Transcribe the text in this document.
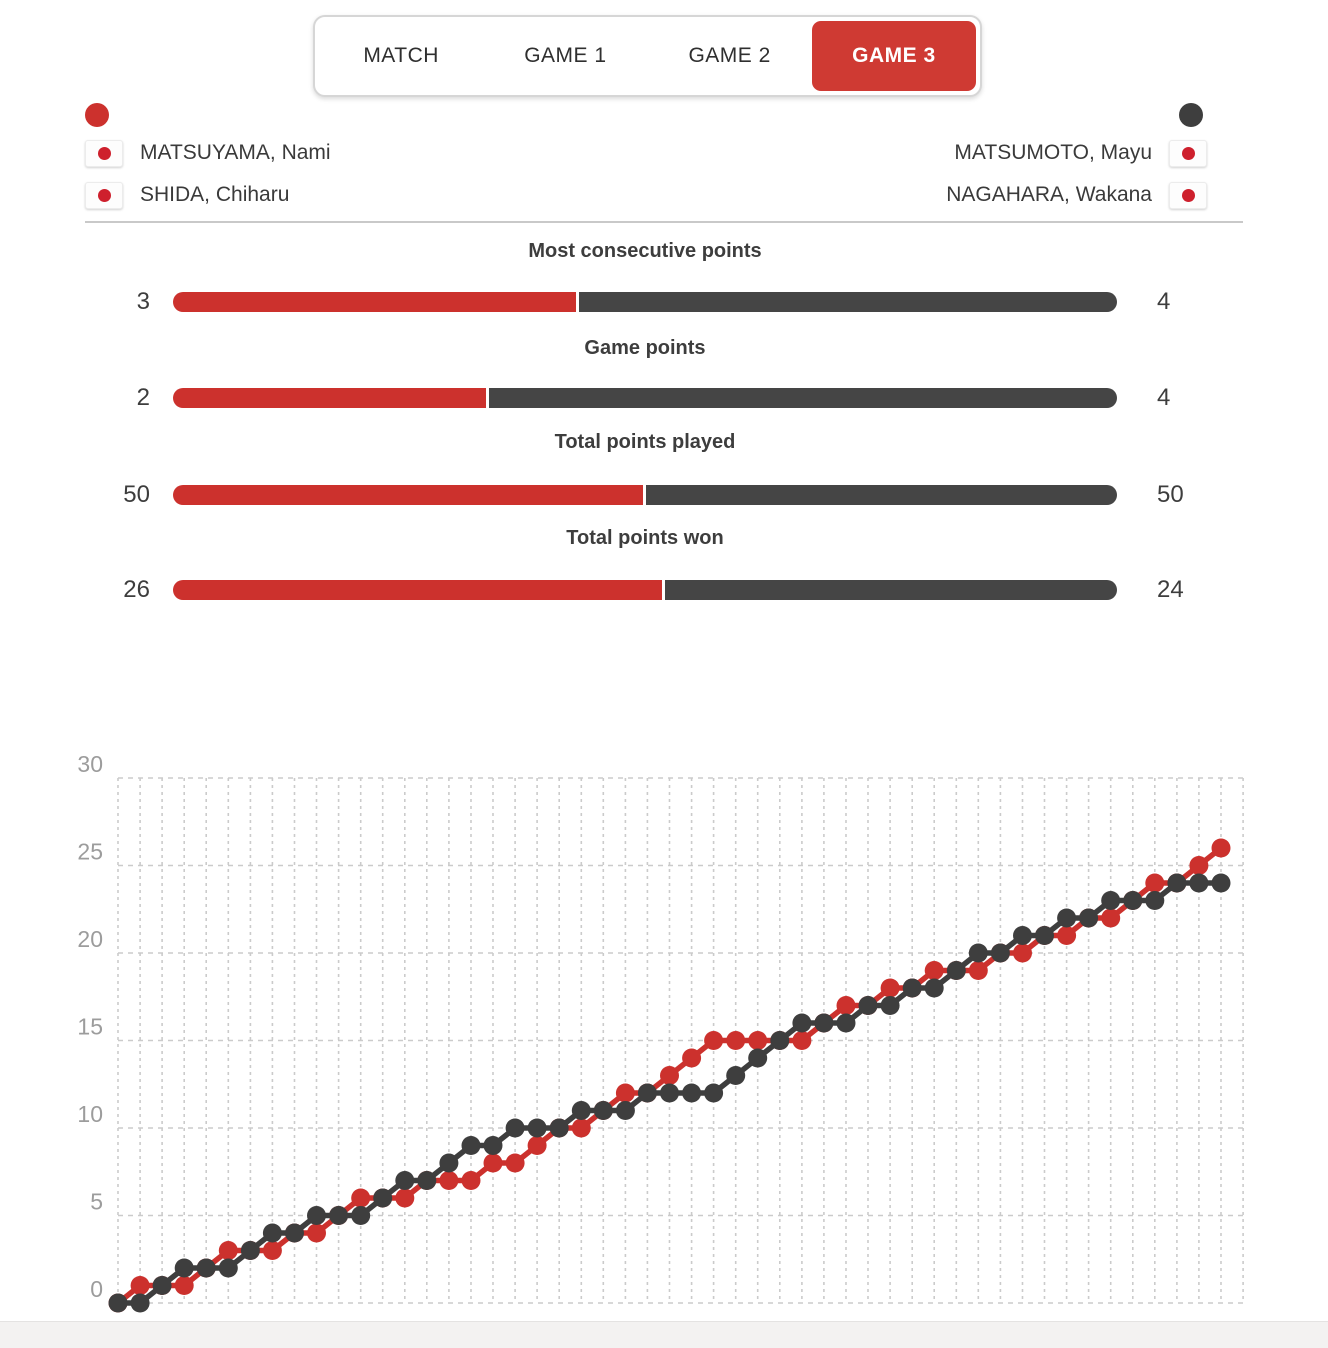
MATCH	GAME 1	GAME 2	GAME 3
MATSUYAMA, Nami
SHIDA, Chiharu
MATSUMOTO, Mayu
NAGAHARA, Wakana
Most consecutive points
3	4
Game points
2	4
Total points played
50	50
Total points won
26	24
0
5
10
15
20
25
30
